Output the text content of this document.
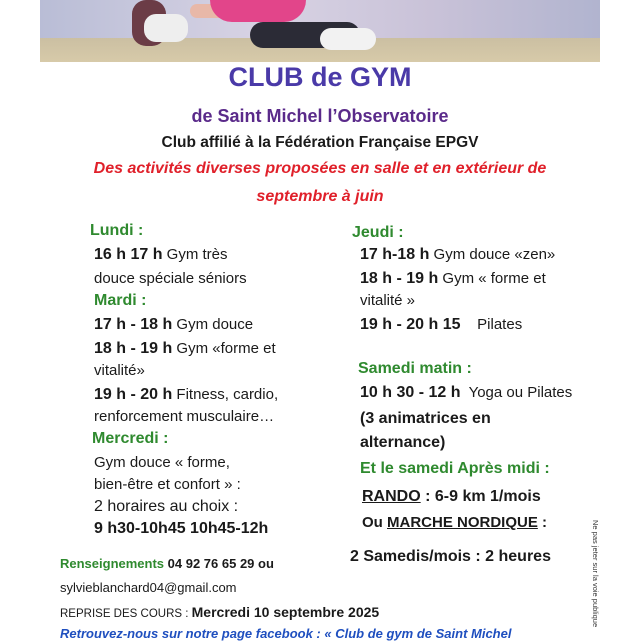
CLUB de GYM
de Saint Michel l’Observatoire
Club affilié à la Fédération Française EPGV
Des activités diverses proposées en salle et en extérieur de
septembre à juin
Lundi :
16 h 17 h Gym très
douce spéciale séniors
Mardi :
17 h - 18 h Gym douce
18 h - 19 h Gym «forme et
vitalité»
19 h - 20 h Fitness, cardio,
renforcement musculaire…
Mercredi :
Gym douce « forme,
bien-être et confort » :
2 horaires au choix :
9 h30-10h45 10h45-12h
Jeudi :
17 h-18 h Gym douce «zen»
18 h - 19 h Gym « forme et
vitalité »
19 h - 20 h 15    Pilates
Samedi matin :
10 h 30 - 12 h  Yoga ou Pilates
(3 animatrices en
alternance)
Et le samedi Après midi :
RANDO : 6-9 km 1/mois
Ou MARCHE NORDIQUE :
2 Samedis/mois : 2 heures
Renseignements 04 92 76 65 29 ou
sylvieblanchard04@gmail.com
REPRISE DES COURS : Mercredi 10 septembre 2025
Retrouvez-nous sur notre page facebook : « Club de gym de Saint Michel
Ne pas jeter sur la voie publique
